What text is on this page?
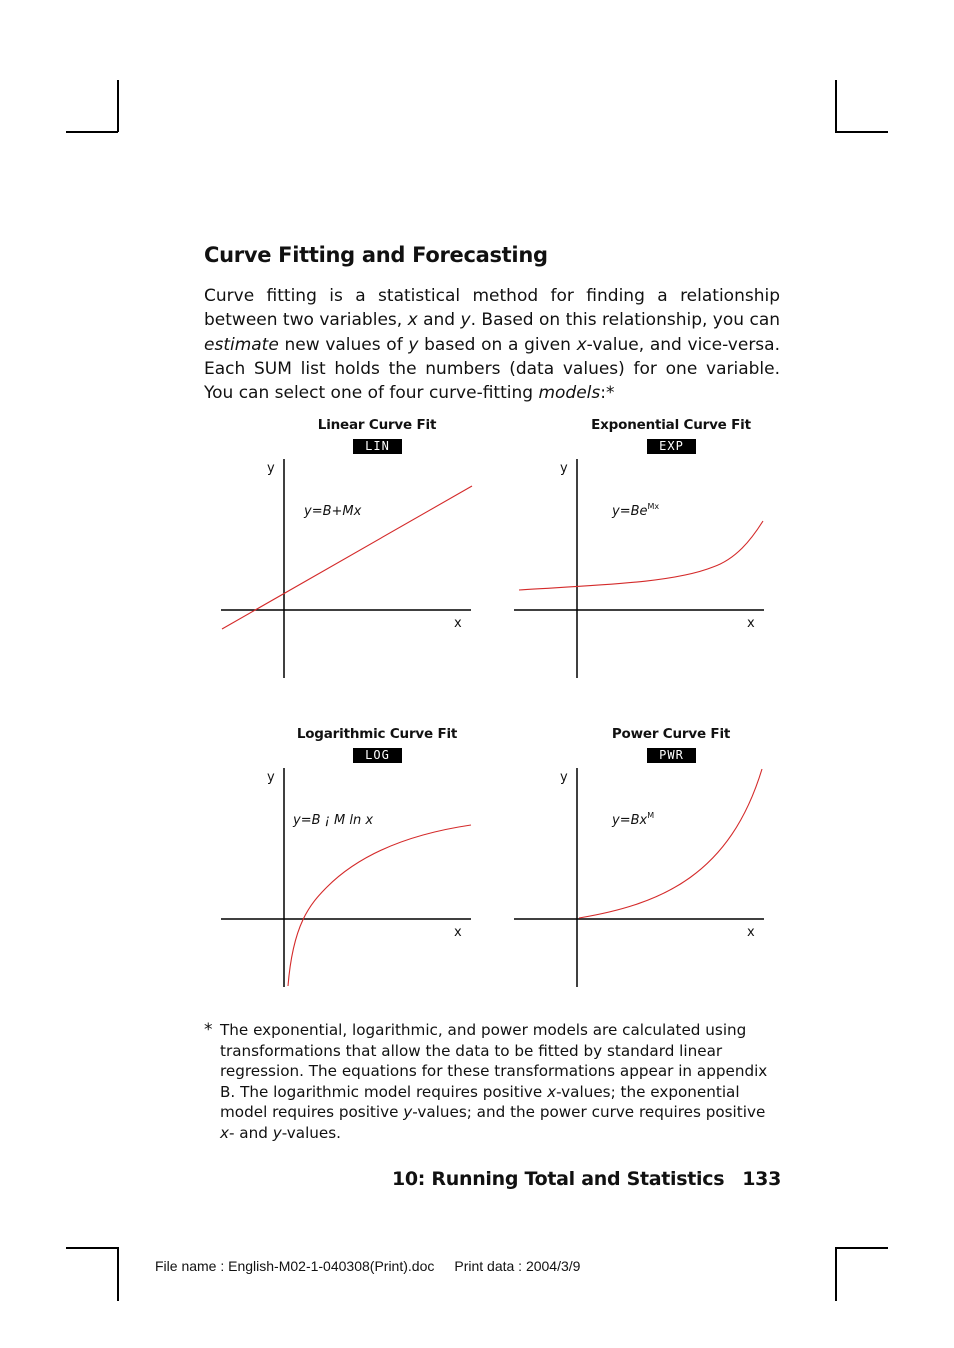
Curve Fitting and Forecasting

Curve fitting is a statistical method for finding a relationship between two variables, x and y. Based on this relationship, you can estimate new values of y based on a given x-value, and vice-versa. Each SUM list holds the numbers (data values) for one variable. You can select one of four curve-fitting models:*

Linear Curve Fit
LIN
y
x
y=B+Mx
Exponential Curve Fit
EXP
y
x
$y=Be^{Mx}$
Logarithmic Curve Fit
LOG
y
x
y=B ¡ M ln x
Power Curve Fit
PWR
y
x
$y=Bx^M$
* The exponential, logarithmic, and power models are calculated using transformations that allow the data to be fitted by standard linear regression. The equations for these transformations appear in appendix B. The logarithmic model requires positive x-values; the exponential model requires positive y-values; and the power curve requires positive x- and y-values.
10: Running Total and Statistics 133
File name : English-M02-1-040308(Print).doc Print data : 2004/3/9
